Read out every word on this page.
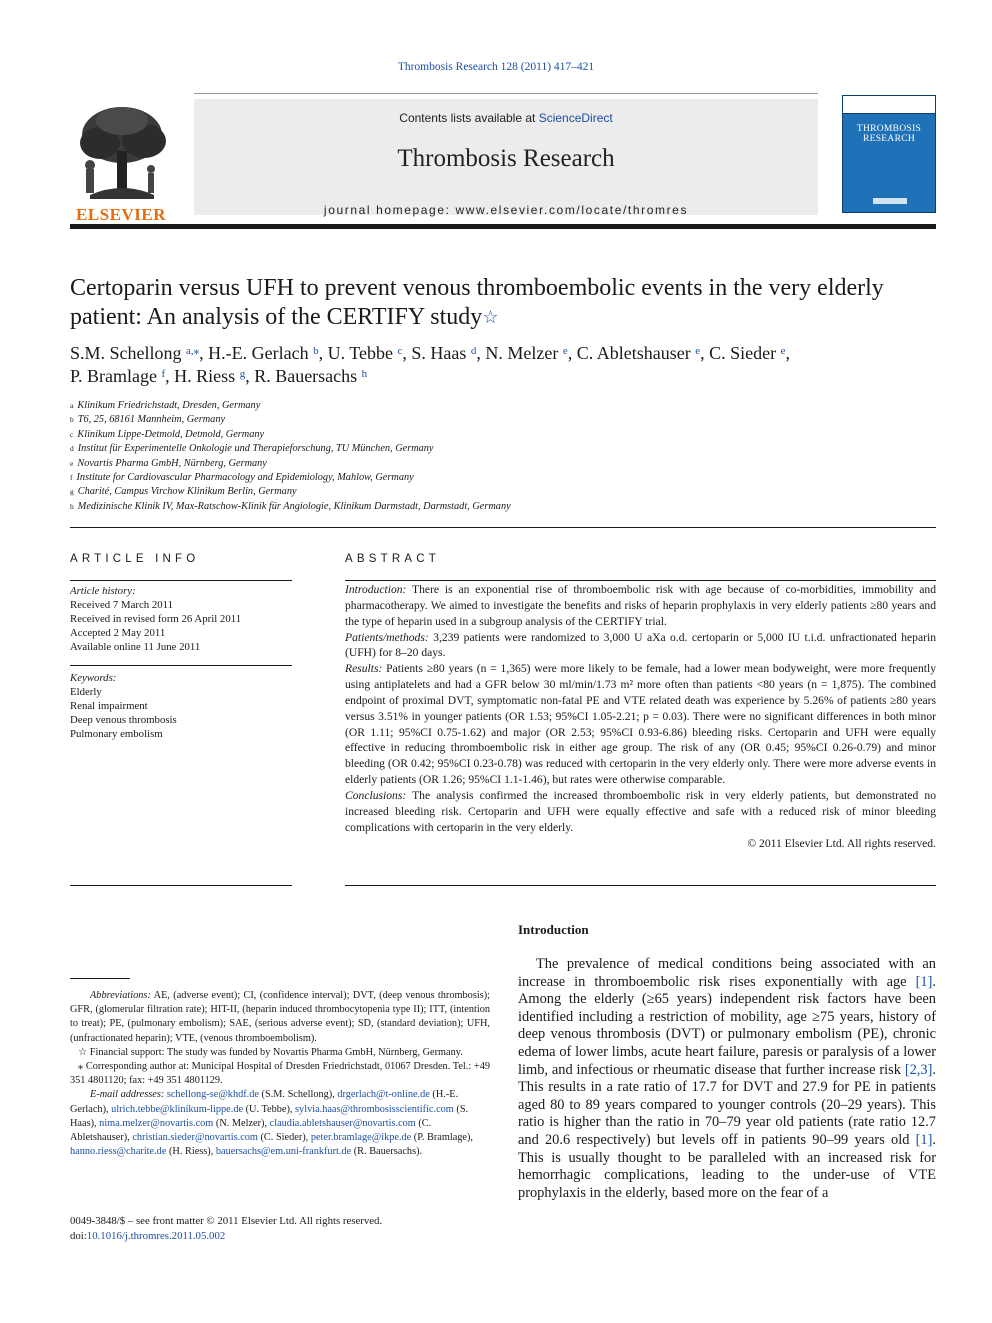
Thrombosis Research 128 (2011) 417–421
ELSEVIER
Contents lists available at ScienceDirect
Thrombosis Research
journal homepage: www.elsevier.com/locate/thromres
THROMBOSIS
RESEARCH
Certoparin versus UFH to prevent venous thromboembolic events in the very elderly patient: An analysis of the CERTIFY study☆
S.M. Schellong $^{a,⁎}$, H.-E. Gerlach $^b$, U. Tebbe $^c$, S. Haas $^d$, N. Melzer $^e$, C. Abletshauser $^e$, C. Sieder $^e$,
P. Bramlage $^f$, H. Riess $^g$, R. Bauersachs $^h$
$^a$ Klinikum Friedrichstadt, Dresden, Germany
$^b$ T6, 25, 68161 Mannheim, Germany
$^c$ Klinikum Lippe-Detmold, Detmold, Germany
$^d$ Institut für Experimentelle Onkologie und Therapieforschung, TU München, Germany
$^e$ Novartis Pharma GmbH, Nürnberg, Germany
$^f$ Institute for Cardiovascular Pharmacology and Epidemiology, Mahlow, Germany
$^g$ Charité, Campus Virchow Klinikum Berlin, Germany
$^h$ Medizinische Klinik IV, Max-Ratschow-Klinik für Angiologie, Klinikum Darmstadt, Darmstadt, Germany
ARTICLE INFO
Article history:
Received 7 March 2011
Received in revised form 26 April 2011
Accepted 2 May 2011
Available online 11 June 2011
Keywords:
Elderly
Renal impairment
Deep venous thrombosis
Pulmonary embolism
ABSTRACT

Introduction: There is an exponential rise of thromboembolic risk with age because of co-morbidities, immobility and pharmacotherapy. We aimed to investigate the benefits and risks of heparin prophylaxis in very elderly patients ≥80 years and the type of heparin used in a subgroup analysis of the CERTIFY trial.

Patients/methods: 3,239 patients were randomized to 3,000 U aXa o.d. certoparin or 5,000 IU t.i.d. unfractionated heparin (UFH) for 8–20 days.

Results: Patients ≥80 years (n = 1,365) were more likely to be female, had a lower mean bodyweight, were more frequently using antiplatelets and had a GFR below 30 ml/min/1.73 m² more often than patients <80 years (n = 1,875). The combined endpoint of proximal DVT, symptomatic non-fatal PE and VTE related death was experience by 5.26% of patients ≥80 years versus 3.51% in younger patients (OR 1.53; 95%CI 1.05-2.21; p = 0.03). There were no significant differences in both minor (OR 1.11; 95%CI 0.75-1.62) and major (OR 2.53; 95%CI 0.93-6.86) bleeding risks. Certoparin and UFH were equally effective in reducing thromboembolic risk in either age group. The risk of any (OR 0.45; 95%CI 0.26-0.79) and minor bleeding (OR 0.42; 95%CI 0.23-0.78) was reduced with certoparin in the very elderly only. There were more adverse events in elderly patients (OR 1.26; 95%CI 1.1-1.46), but rates were otherwise comparable.

Conclusions: The analysis confirmed the increased thromboembolic risk in very elderly patients, but demonstrated no increased bleeding risk. Certoparin and UFH were equally effective and safe with a reduced risk of minor bleeding complications with certoparin in the very elderly.

© 2011 Elsevier Ltd. All rights reserved.

Abbreviations: AE, (adverse event); CI, (confidence interval); DVT, (deep venous thrombosis); GFR, (glomerular filtration rate); HIT-II, (heparin induced thrombocytopenia type II); ITT, (intention to treat); PE, (pulmonary embolism); SAE, (serious adverse event); SD, (standard deviation); UFH, (unfractionated heparin); VTE, (venous thromboembolism).
☆ Financial support: The study was funded by Novartis Pharma GmbH, Nürnberg, Germany.
⁎ Corresponding author at: Municipal Hospital of Dresden Friedrichstadt, 01067 Dresden. Tel.: +49 351 4801120; fax: +49 351 4801129.
E-mail addresses: schellong-se@khdf.de (S.M. Schellong), drgerlach@t-online.de (H.-E. Gerlach), ulrich.tebbe@klinikum-lippe.de (U. Tebbe), sylvia.haas@thrombosisscientific.com (S. Haas), nima.melzer@novartis.com (N. Melzer), claudia.abletshauser@novartis.com (C. Abletshauser), christian.sieder@novartis.com (C. Sieder), peter.bramlage@ikpe.de (P. Bramlage), hanno.riess@charite.de (H. Riess), bauersachs@em.uni-frankfurt.de (R. Bauersachs).
0049-3848/$ – see front matter © 2011 Elsevier Ltd. All rights reserved.
doi:10.1016/j.thromres.2011.05.002
Introduction
The prevalence of medical conditions being associated with an increase in thromboembolic risk rises exponentially with age [1]. Among the elderly (≥65 years) independent risk factors have been identified including a restriction of mobility, age ≥75 years, history of deep venous thrombosis (DVT) or pulmonary embolism (PE), chronic edema of lower limbs, acute heart failure, paresis or paralysis of a lower limb, and infectious or rheumatic disease that further increase risk [2,3]. This results in a rate ratio of 17.7 for DVT and 27.9 for PE in patients aged 80 to 89 years compared to younger controls (20–29 years). This ratio is higher than the ratio in 70–79 year old patients (rate ratio 12.7 and 20.6 respectively) but levels off in patients 90–99 years old [1]. This is usually thought to be paralleled with an increased risk for hemorrhagic complications, leading to the under-use of VTE prophylaxis in the elderly, based more on the fear of a
